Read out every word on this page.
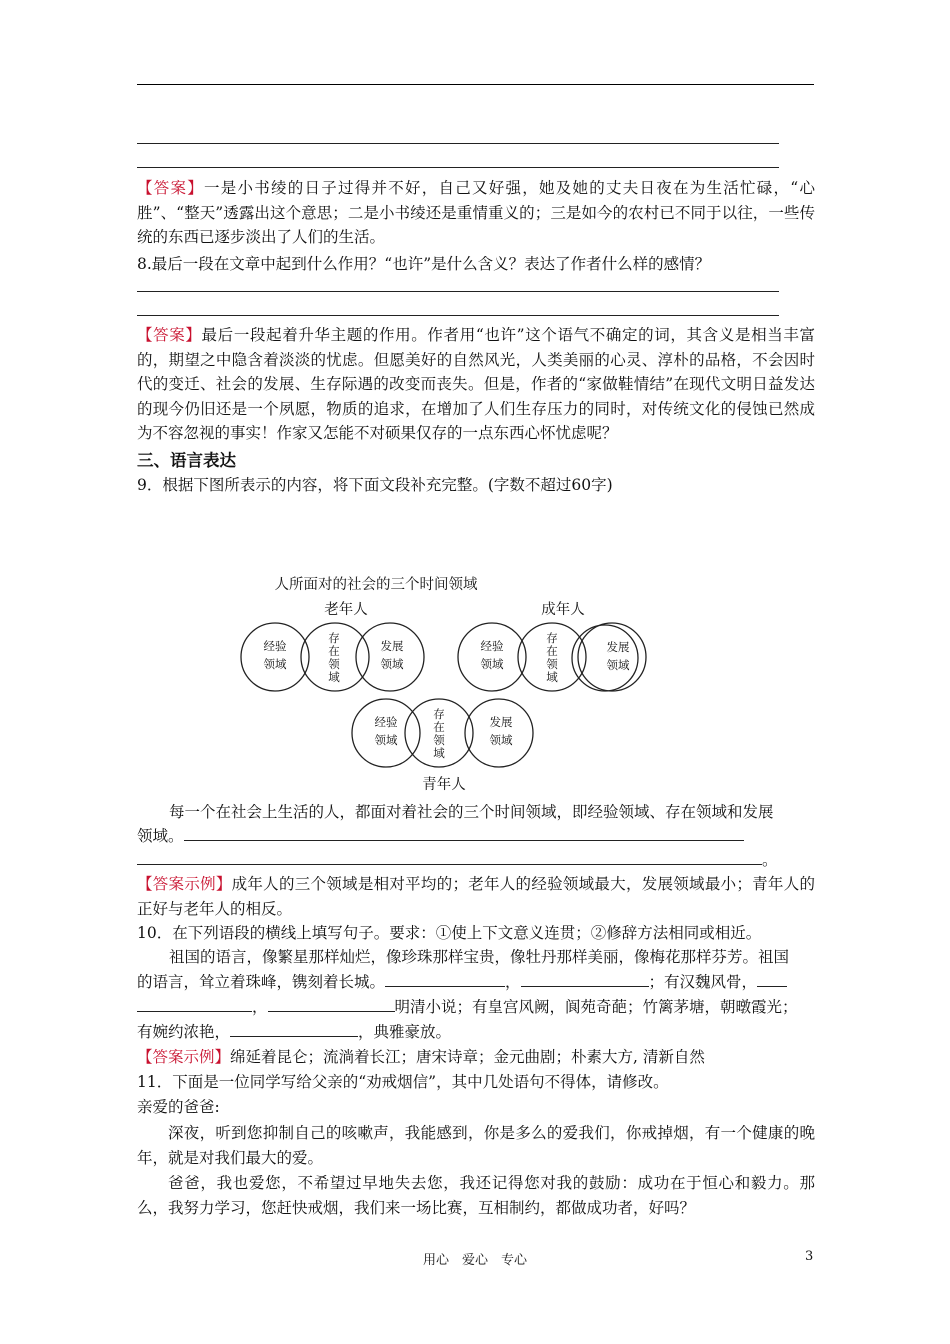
【答案】一是小书绫的日子过得并不好，自己又好强，她及她的丈夫日夜在为生活忙碌，“心胜”、“整天”透露出这个意思；二是小书绫还是重情重义的；三是如今的农村已不同于以往，一些传统的东西已逐步淡出了人们的生活。

8.最后一段在文章中起到什么作用？“也许”是什么含义？表达了作者什么样的感情？

【答案】最后一段起着升华主题的作用。作者用“也许”这个语气不确定的词，其含义是相当丰富的，期望之中隐含着淡淡的忧虑。但愿美好的自然风光，人类美丽的心灵、淳朴的品格，不会因时代的变迁、社会的发展、生存际遇的改变而丧失。但是，作者的“家做鞋情结”在现代文明日益发达的现今仍旧还是一个夙愿，物质的追求，在增加了人们生存压力的同时，对传统文化的侵蚀已然成为不容忽视的事实！作家又怎能不对硕果仅存的一点东西心怀忧虑呢？

三、语言表达

9．根据下图所表示的内容，将下面文段补充完整。(字数不超过60字)

人所面对的社会的三个时间领域
老年人	成年人
经验
领域
存
在
领
域
发展
领域
经验
领域
存
在
领
域
经验
领域
存
在
领
域
发展
领域
青年人
发展
领域

每一个在社会上生活的人，都面对着社会的三个时间领域，即经验领域、存在领域和发展

领域。

。

【答案示例】成年人的三个领域是相对平均的；老年人的经验领域最大，发展领域最小；青年人的正好与老年人的相反。

10．在下列语段的横线上填写句子。要求：①使上下文意义连贯；②修辞方法相同或相近。

祖国的语言，像繁星那样灿烂，像珍珠那样宝贵，像牡丹那样美丽，像梅花那样芬芳。祖国

的语言，耸立着珠峰，镌刻着长城。	，	；有汉魏风骨，

，	明清小说；有皇宫风阙，阆苑奇葩；竹篱茅塘，朝暾霞光；

有婉约浓艳，	，典雅豪放。

【答案示例】绵延着昆仑；流淌着长江；唐宋诗章；金元曲剧；朴素大方, 清新自然

11．下面是一位同学写给父亲的“劝戒烟信”，其中几处语句不得体，请修改。

亲爱的爸爸:

深夜，听到您抑制自己的咳嗽声，我能感到，你是多么的爱我们，你戒掉烟，有一个健康的晚年，就是对我们最大的爱。

爸爸，我也爱您，不希望过早地失去您，我还记得您对我的鼓励：成功在于恒心和毅力。那么，我努力学习，您赶快戒烟，我们来一场比赛，互相制约，都做成功者，好吗？

用心　爱心　专心	3
